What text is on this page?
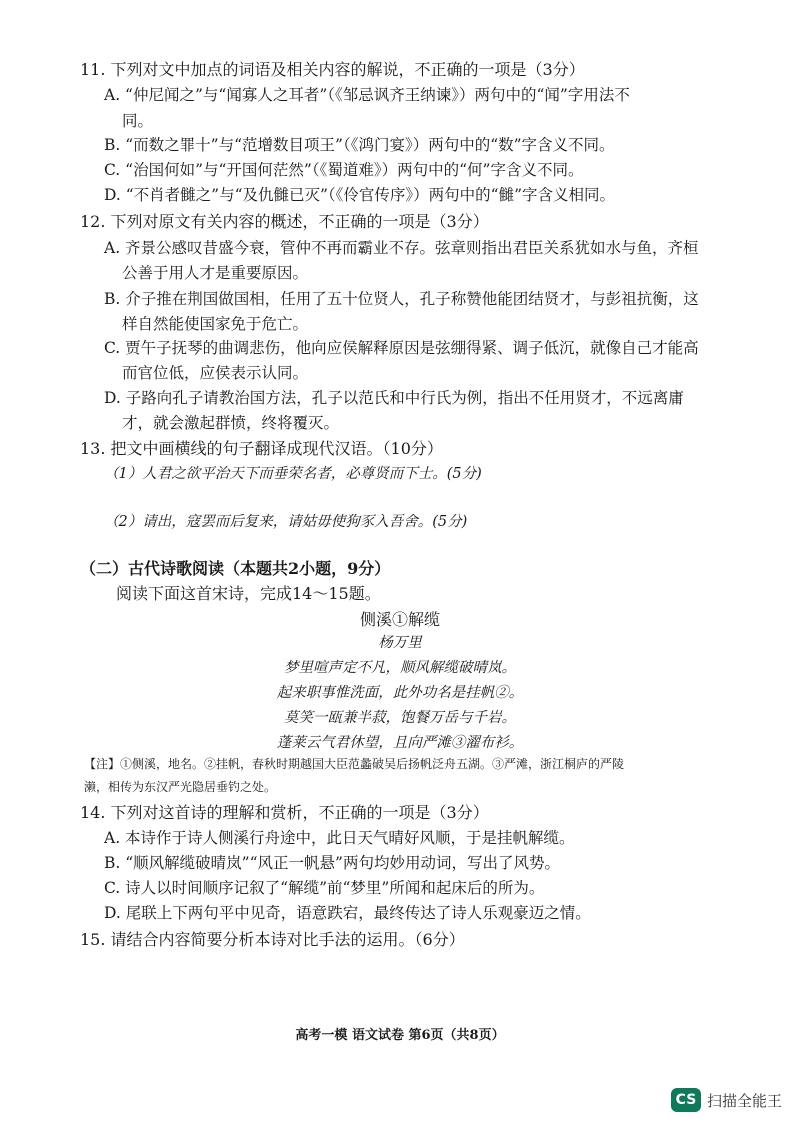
11. 下列对文中加点的词语及相关内容的解说，不正确的一项是（3分）
A. “仲尼闻之”与“闻寡人之耳者”（《邹忌讽齐王纳谏》）两句中的“闻”字用法不
同。
B. “而数之罪十”与“范增数目项王”（《鸿门宴》）两句中的“数”字含义不同。
C. “治国何如”与“开国何茫然”（《蜀道难》）两句中的“何”字含义不同。
D. “不肖者雠之”与“及仇雠已灭”（《伶官传序》）两句中的“雠”字含义相同。
12. 下列对原文有关内容的概述，不正确的一项是（3分）
A. 齐景公感叹昔盛今衰，管仲不再而霸业不存。弦章则指出君臣关系犹如水与鱼，齐桓
公善于用人才是重要原因。
B. 介子推在荆国做国相，任用了五十位贤人，孔子称赞他能团结贤才，与彭祖抗衡，这
样自然能使国家免于危亡。
C. 贾午子抚琴的曲调悲伤，他向应侯解释原因是弦绷得紧、调子低沉，就像自己才能高
而官位低，应侯表示认同。
D. 子路向孔子请教治国方法，孔子以范氏和中行氏为例，指出不任用贤才，不远离庸
才，就会激起群愤，终将覆灭。
13. 把文中画横线的句子翻译成现代汉语。（10分）
（1）人君之欲平治天下而垂荣名者，必尊贤而下士。(5分)
（2）请出，寇罢而后复来，请姑毋使狗豕入吾舍。(5分)
（二）古代诗歌阅读（本题共2小题，9分）
阅读下面这首宋诗，完成14～15题。
侧溪①解缆
杨万里
梦里喧声定不凡，顺风解缆破晴岚。
起来职事惟洗面，此外功名是挂帆②。
莫笑一瓯兼半菽，饱餐万岳与千岩。
蓬莱云气君休望，且向严滩③濯布衫。
【注】①侧溪，地名。②挂帆，春秋时期越国大臣范蠡破吴后扬帆泛舟五湖。③严滩，浙江桐庐的严陵
濑，相传为东汉严光隐居垂钓之处。
14. 下列对这首诗的理解和赏析，不正确的一项是（3分）
A. 本诗作于诗人侧溪行舟途中，此日天气晴好风顺，于是挂帆解缆。
B. “顺风解缆破晴岚”“风正一帆悬”两句均妙用动词，写出了风势。
C. 诗人以时间顺序记叙了“解缆”前“梦里”所闻和起床后的所为。
D. 尾联上下两句平中见奇，语意跌宕，最终传达了诗人乐观豪迈之情。
15. 请结合内容简要分析本诗对比手法的运用。（6分）
高考一模 语文试卷 第6页（共8页）
CS 扫描全能王
